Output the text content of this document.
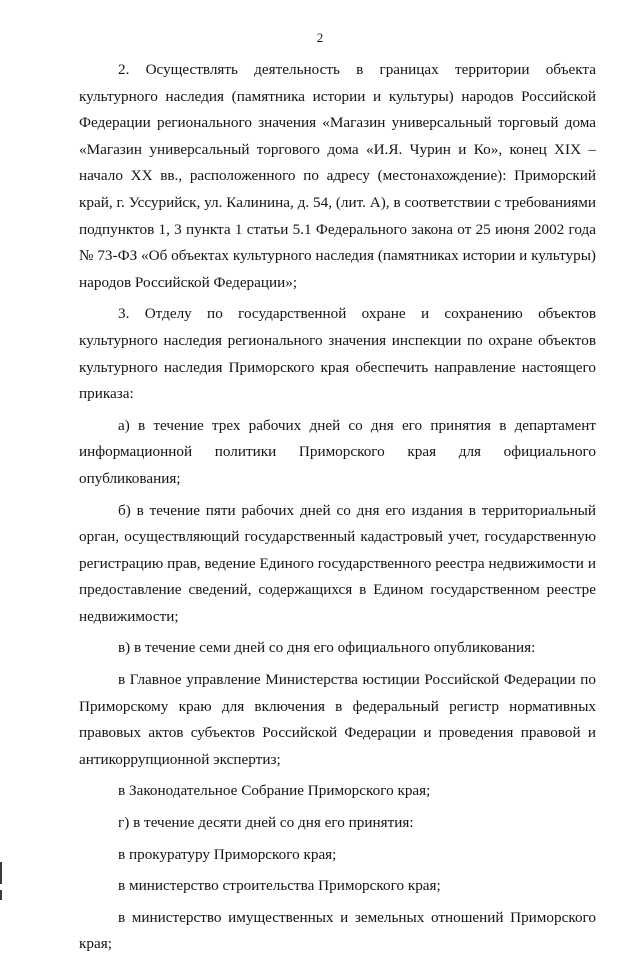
2

2. Осуществлять деятельность в границах территории объекта культурного наследия (памятника истории и культуры) народов Российской Федерации регионального значения «Магазин универсальный торговый дома «Магазин универсальный торгового дома «И.Я. Чурин и Ко», конец XIX – начало XX вв., расположенного по адресу (местонахождение): Приморский край, г. Уссурийск, ул. Калинина, д. 54, (лит. А), в соответствии с требованиями подпунктов 1, 3 пункта 1 статьи 5.1 Федерального закона от 25 июня 2002 года № 73-ФЗ «Об объектах культурного наследия (памятниках истории и культуры) народов Российской Федерации»;

3. Отделу по государственной охране и сохранению объектов культурного наследия регионального значения инспекции по охране объектов культурного наследия Приморского края обеспечить направление настоящего приказа:

а) в течение трех рабочих дней со дня его принятия в департамент информационной политики Приморского края для официального опубликования;

б) в течение пяти рабочих дней со дня его издания в территориальный орган, осуществляющий государственный кадастровый учет, государственную регистрацию прав, ведение Единого государственного реестра недвижимости и предоставление сведений, содержащихся в Едином государственном реестре недвижимости;

в) в течение семи дней со дня его официального опубликования:

в Главное управление Министерства юстиции Российской Федерации по Приморскому краю для включения в федеральный регистр нормативных правовых актов субъектов Российской Федерации и проведения правовой и антикоррупционной экспертиз;

в Законодательное Собрание Приморского края;

г) в течение десяти дней со дня его принятия:

в прокуратуру Приморского края;

в министерство строительства Приморского края;

в министерство имущественных и земельных отношений Приморского края;
